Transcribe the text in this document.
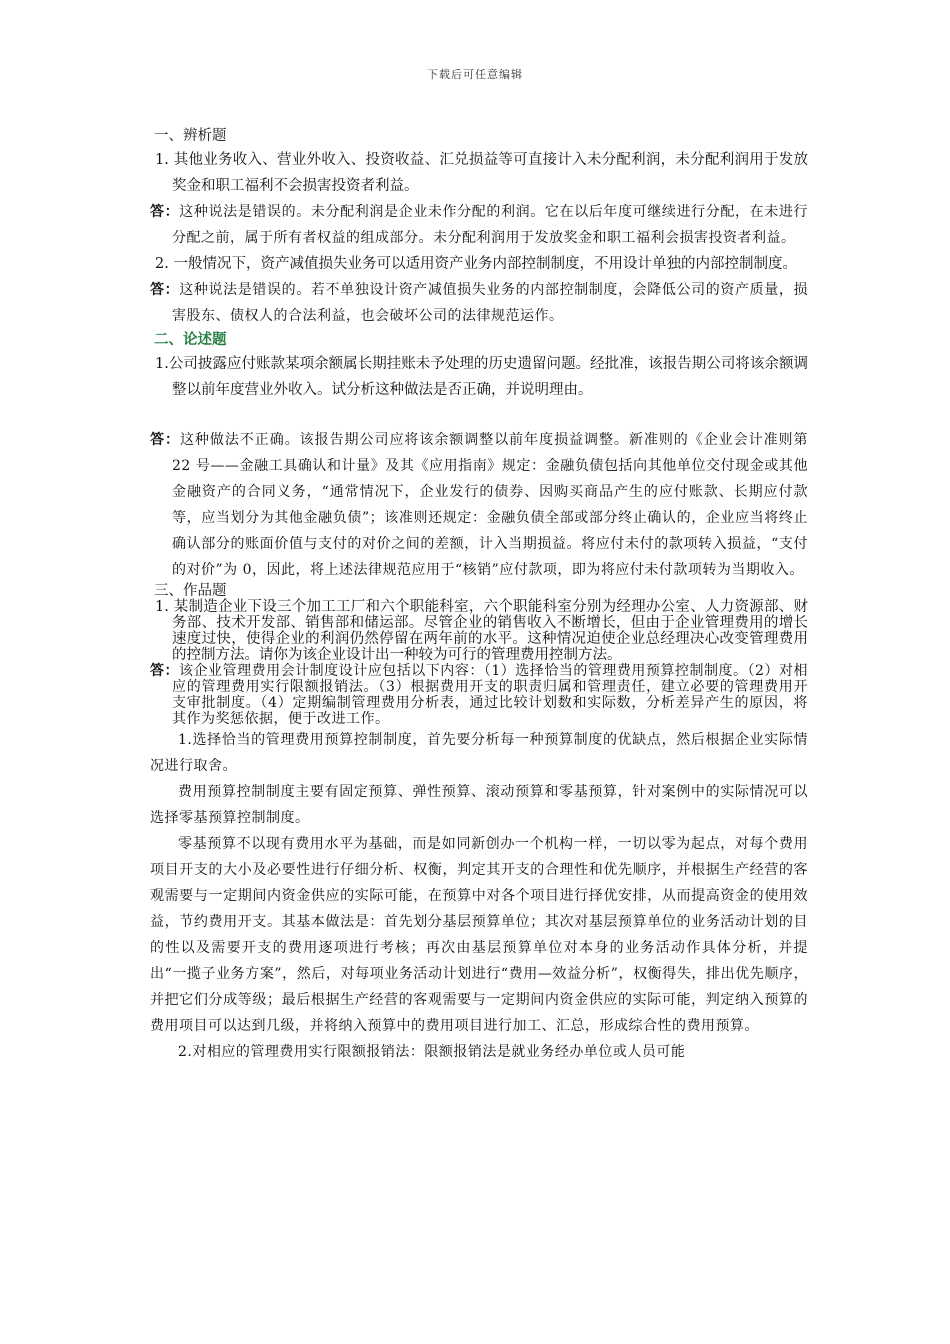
下载后可任意编辑
一、辨析题
1. 其他业务收入、营业外收入、投资收益、汇兑损益等可直接计入未分配利润，未分配利润用于发放奖金和职工福利不会损害投资者利益。
答：这种说法是错误的。未分配利润是企业未作分配的利润。它在以后年度可继续进行分配，在未进行分配之前，属于所有者权益的组成部分。未分配利润用于发放奖金和职工福利会损害投资者利益。
2. 一般情况下，资产减值损失业务可以适用资产业务内部控制制度，不用设计单独的内部控制制度。
答：这种说法是错误的。若不单独设计资产减值损失业务的内部控制制度，会降低公司的资产质量，损害股东、债权人的合法利益，也会破坏公司的法律规范运作。
二、论述题
1.公司披露应付账款某项余额属长期挂账未予处理的历史遗留问题。经批准，该报告期公司将该余额调整以前年度营业外收入。试分析这种做法是否正确，并说明理由。
答：这种做法不正确。该报告期公司应将该余额调整以前年度损益调整。新准则的《企业会计准则第 22 号——金融工具确认和计量》及其《应用指南》规定：金融负债包括向其他单位交付现金或其他金融资产的合同义务，“通常情况下，企业发行的债券、因购买商品产生的应付账款、长期应付款等，应当划分为其他金融负债”；该准则还规定：金融负债全部或部分终止确认的，企业应当将终止确认部分的账面价值与支付的对价之间的差额，计入当期损益。将应付未付的款项转入损益，“支付的对价”为 0，因此，将上述法律规范应用于“核销”应付款项，即为将应付未付款项转为当期收入。
三、作品题
1. 某制造企业下设三个加工工厂和六个职能科室，六个职能科室分别为经理办公室、人力资源部、财务部、技术开发部、销售部和储运部。尽管企业的销售收入不断增长，但由于企业管理费用的增长速度过快，使得企业的利润仍然停留在两年前的水平。这种情况迫使企业总经理决心改变管理费用的控制方法。请你为该企业设计出一种较为可行的管理费用控制方法。
答：该企业管理费用会计制度设计应包括以下内容：（1）选择恰当的管理费用预算控制制度。（2）对相应的管理费用实行限额报销法。（3）根据费用开支的职责归属和管理责任，建立必要的管理费用开支审批制度。（4）定期编制管理费用分析表，通过比较计划数和实际数，分析差异产生的原因，将其作为奖惩依据，便于改进工作。
1.选择恰当的管理费用预算控制制度，首先要分析每一种预算制度的优缺点，然后根据企业实际情况进行取舍。
费用预算控制制度主要有固定预算、弹性预算、滚动预算和零基预算，针对案例中的实际情况可以选择零基预算控制制度。
零基预算不以现有费用水平为基础，而是如同新创办一个机构一样，一切以零为起点，对每个费用项目开支的大小及必要性进行仔细分析、权衡，判定其开支的合理性和优先顺序，并根据生产经营的客观需要与一定期间内资金供应的实际可能，在预算中对各个项目进行择优安排，从而提高资金的使用效益，节约费用开支。其基本做法是：首先划分基层预算单位；其次对基层预算单位的业务活动计划的目的性以及需要开支的费用逐项进行考核；再次由基层预算单位对本身的业务活动作具体分析，并提出“一揽子业务方案”，然后，对每项业务活动计划进行“费用—效益分析”，权衡得失，排出优先顺序，并把它们分成等级；最后根据生产经营的客观需要与一定期间内资金供应的实际可能，判定纳入预算的费用项目可以达到几级，并将纳入预算中的费用项目进行加工、汇总，形成综合性的费用预算。
2.对相应的管理费用实行限额报销法：限额报销法是就业务经办单位或人员可能
